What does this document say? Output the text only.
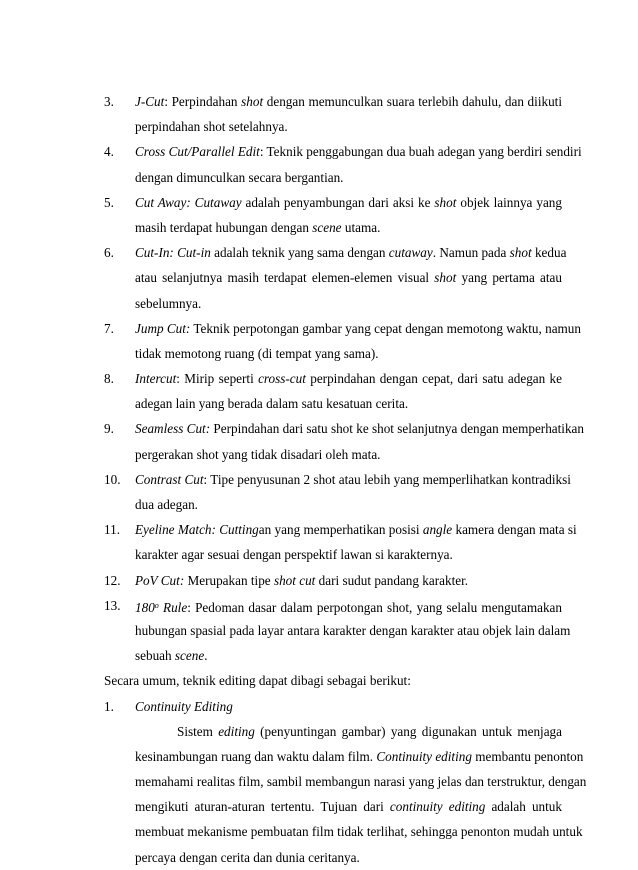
3. J-Cut: Perpindahan shot dengan memunculkan suara terlebih dahulu, dan diikuti
perpindahan shot setelahnya.
4. Cross Cut/Parallel Edit: Teknik penggabungan dua buah adegan yang berdiri sendiri
dengan dimunculkan secara bergantian.
5. Cut Away: Cutaway adalah penyambungan dari aksi ke shot objek lainnya yang
masih terdapat hubungan dengan scene utama.
6. Cut-In: Cut-in adalah teknik yang sama dengan cutaway. Namun pada shot kedua
atau selanjutnya masih terdapat elemen-elemen visual shot yang pertama atau
sebelumnya.
7. Jump Cut: Teknik perpotongan gambar yang cepat dengan memotong waktu, namun
tidak memotong ruang (di tempat yang sama).
8. Intercut: Mirip seperti cross-cut perpindahan dengan cepat, dari satu adegan ke
adegan lain yang berada dalam satu kesatuan cerita.
9. Seamless Cut: Perpindahan dari satu shot ke shot selanjutnya dengan memperhatikan
pergerakan shot yang tidak disadari oleh mata.
10. Contrast Cut: Tipe penyusunan 2 shot atau lebih yang memperlihatkan kontradiksi
dua adegan.
11. Eyeline Match: Cuttingan yang memperhatikan posisi angle kamera dengan mata si
karakter agar sesuai dengan perspektif lawan si karakternya.
12. PoV Cut: Merupakan tipe shot cut dari sudut pandang karakter.
13. 180$^o$ Rule: Pedoman dasar dalam perpotongan shot, yang selalu mengutamakan
hubungan spasial pada layar antara karakter dengan karakter atau objek lain dalam
sebuah scene.
Secara umum, teknik editing dapat dibagi sebagai berikut:
1. Continuity Editing
Sistem editing (penyuntingan gambar) yang digunakan untuk menjaga
kesinambungan ruang dan waktu dalam film. Continuity editing membantu penonton
memahami realitas film, sambil membangun narasi yang jelas dan terstruktur, dengan
mengikuti aturan-aturan tertentu. Tujuan dari continuity editing adalah untuk
membuat mekanisme pembuatan film tidak terlihat, sehingga penonton mudah untuk
percaya dengan cerita dan dunia ceritanya.
